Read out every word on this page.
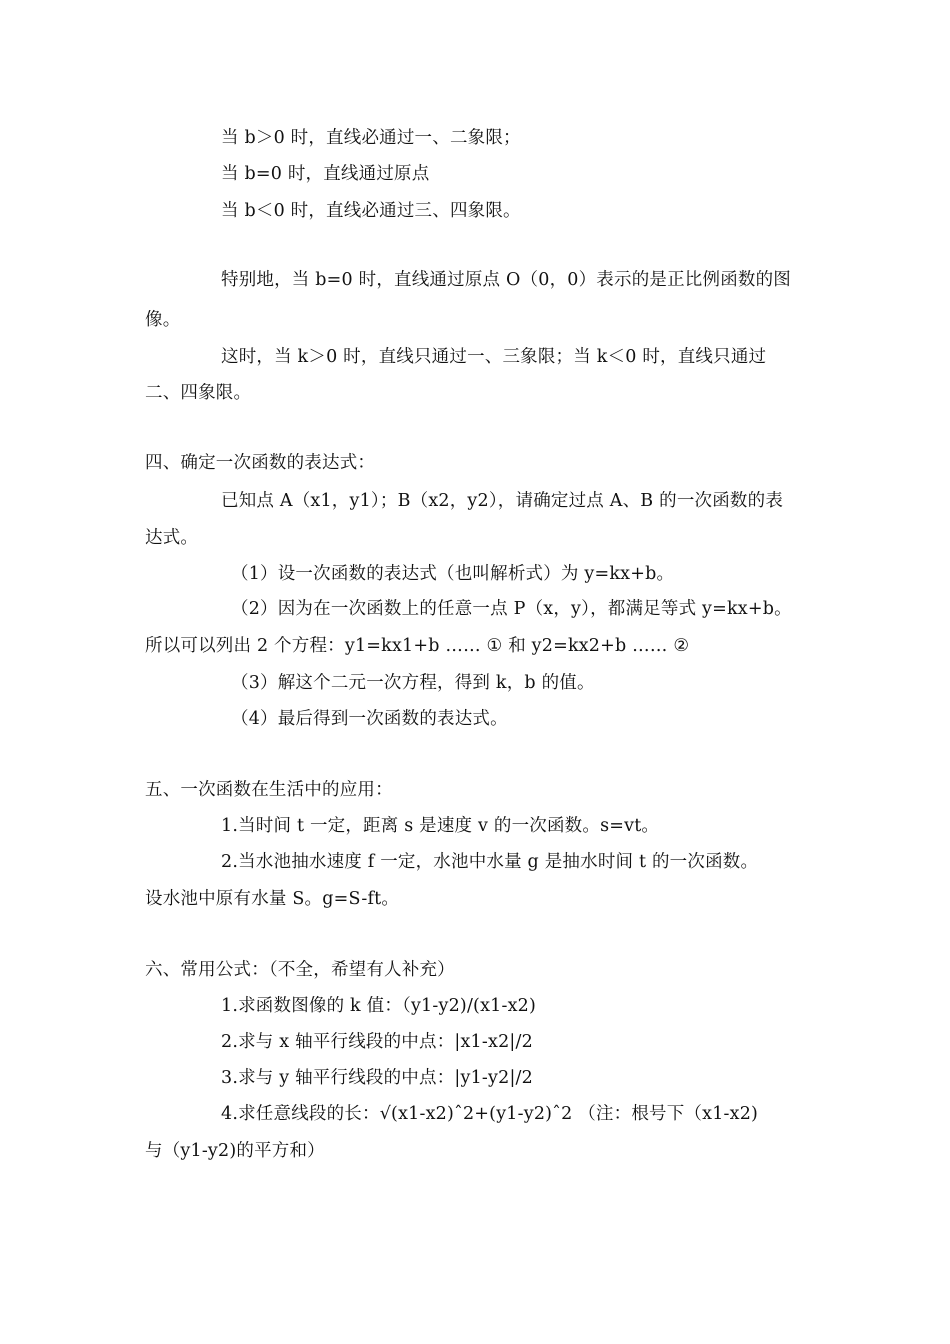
当 b＞0 时，直线必通过一、二象限；
当 b=0 时，直线通过原点
当 b＜0 时，直线必通过三、四象限。
特别地，当 b=0 时，直线通过原点 O（0，0）表示的是正比例函数的图
像。
这时，当 k＞0 时，直线只通过一、三象限；当 k＜0 时，直线只通过
二、四象限。
四、确定一次函数的表达式：
已知点 A（x1，y1）；B（x2，y2），请确定过点 A、B 的一次函数的表
达式。
（1）设一次函数的表达式（也叫解析式）为 y=kx+b。
（2）因为在一次函数上的任意一点 P（x，y），都满足等式 y=kx+b。
所以可以列出 2 个方程：y1=kx1+b …… ① 和 y2=kx2+b …… ②
（3）解这个二元一次方程，得到 k，b 的值。
（4）最后得到一次函数的表达式。
五、一次函数在生活中的应用：
1.当时间 t 一定，距离 s 是速度 v 的一次函数。s=vt。
2.当水池抽水速度 f 一定，水池中水量 g 是抽水时间 t 的一次函数。
设水池中原有水量 S。g=S-ft。
六、常用公式：（不全，希望有人补充）
1.求函数图像的 k 值：（y1-y2)/(x1-x2)
2.求与 x 轴平行线段的中点：|x1-x2|/2
3.求与 y 轴平行线段的中点：|y1-y2|/2
4.求任意线段的长：√(x1-x2)ˆ2+(y1-y2)ˆ2 （注：根号下（x1-x2)
与（y1-y2)的平方和）
